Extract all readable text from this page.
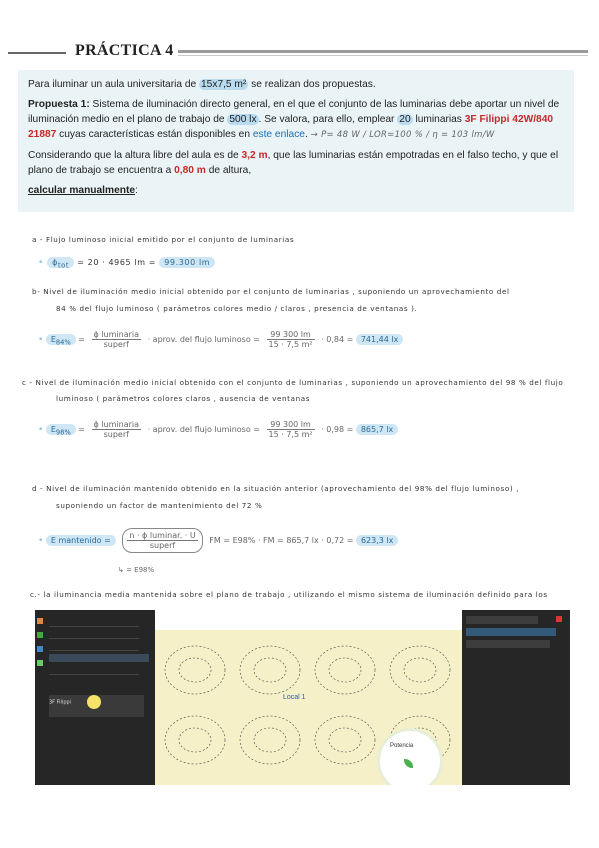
PRÁCTICA 4

Para iluminar un aula universitaria de 15x7,5 m² se realizan dos propuestas.

Propuesta 1: Sistema de iluminación directo general, en el que el conjunto de las luminarias debe aportar un nivel de iluminación medio en el plano de trabajo de 500 lx . Se valora, para ello, emplear 20 luminarias 3F Filippi 42W/840 21887 cuyas características están disponibles en este enlace. → P= 48 W / LOR=100 % / η = 103 lm/W

Considerando que la altura libre del aula es de 3,2 m, que las luminarias están empotradas en el falso techo, y que el plano de trabajo se encuentra a 0,80 m de altura,

calcular manualmente:

a - Flujo luminoso inicial emitido por el conjunto de luminarias
• $\phi_{tot} = 20 \cdot 4965$ lm = 99.300 lm
b- Nivel de iluminación medio inicial obtenido por el conjunto de luminarias , suponiendo un aprovechamiento del
84 % del flujo luminoso ( parámetros colores medio / claros , presencia de ventanas ).
• $E_{84\%} = \frac{\text{ϕ luminaria}}{\text{superf}}$ · aprov. del flujo luminoso = $\frac{99 300 lm}{\text{15 · 7,5 m²}} \cdot 0,84 = 741,44$ lx
c - Nivel de iluminación medio inicial obtenido con el conjunto de luminarias , suponiendo un aprovechamiento del 98 % del flujo
luminoso ( parámetros colores claros , ausencia de ventanas
• $E_{98\%} = \frac{\text{ϕ luminaria}}{\text{superf}}$ · aprov. del flujo luminoso = $\frac{99 300 lm}{\text{15 · 7,5 m²}} \cdot 0,98 = 865,7$ lx
d - Nivel de iluminación mantenido obtenido en la situación anterior (aprovechamiento del 98% del flujo luminoso) ,
suponiendo un factor de mantenimiento del 72 %
• E mantenido = $\frac{\text{n · ϕ luminar. · U}}{\text{superf}}$ FM = E98% · FM = 865,7 lx · 0,72 = 623,3 lx
↳ = E98%
c.- la iluminancia media mantenida sobre el plano de trabajo , utilizando el mismo sistema de iluminación definido para los
3F Filippi
Local 1
Potencia
